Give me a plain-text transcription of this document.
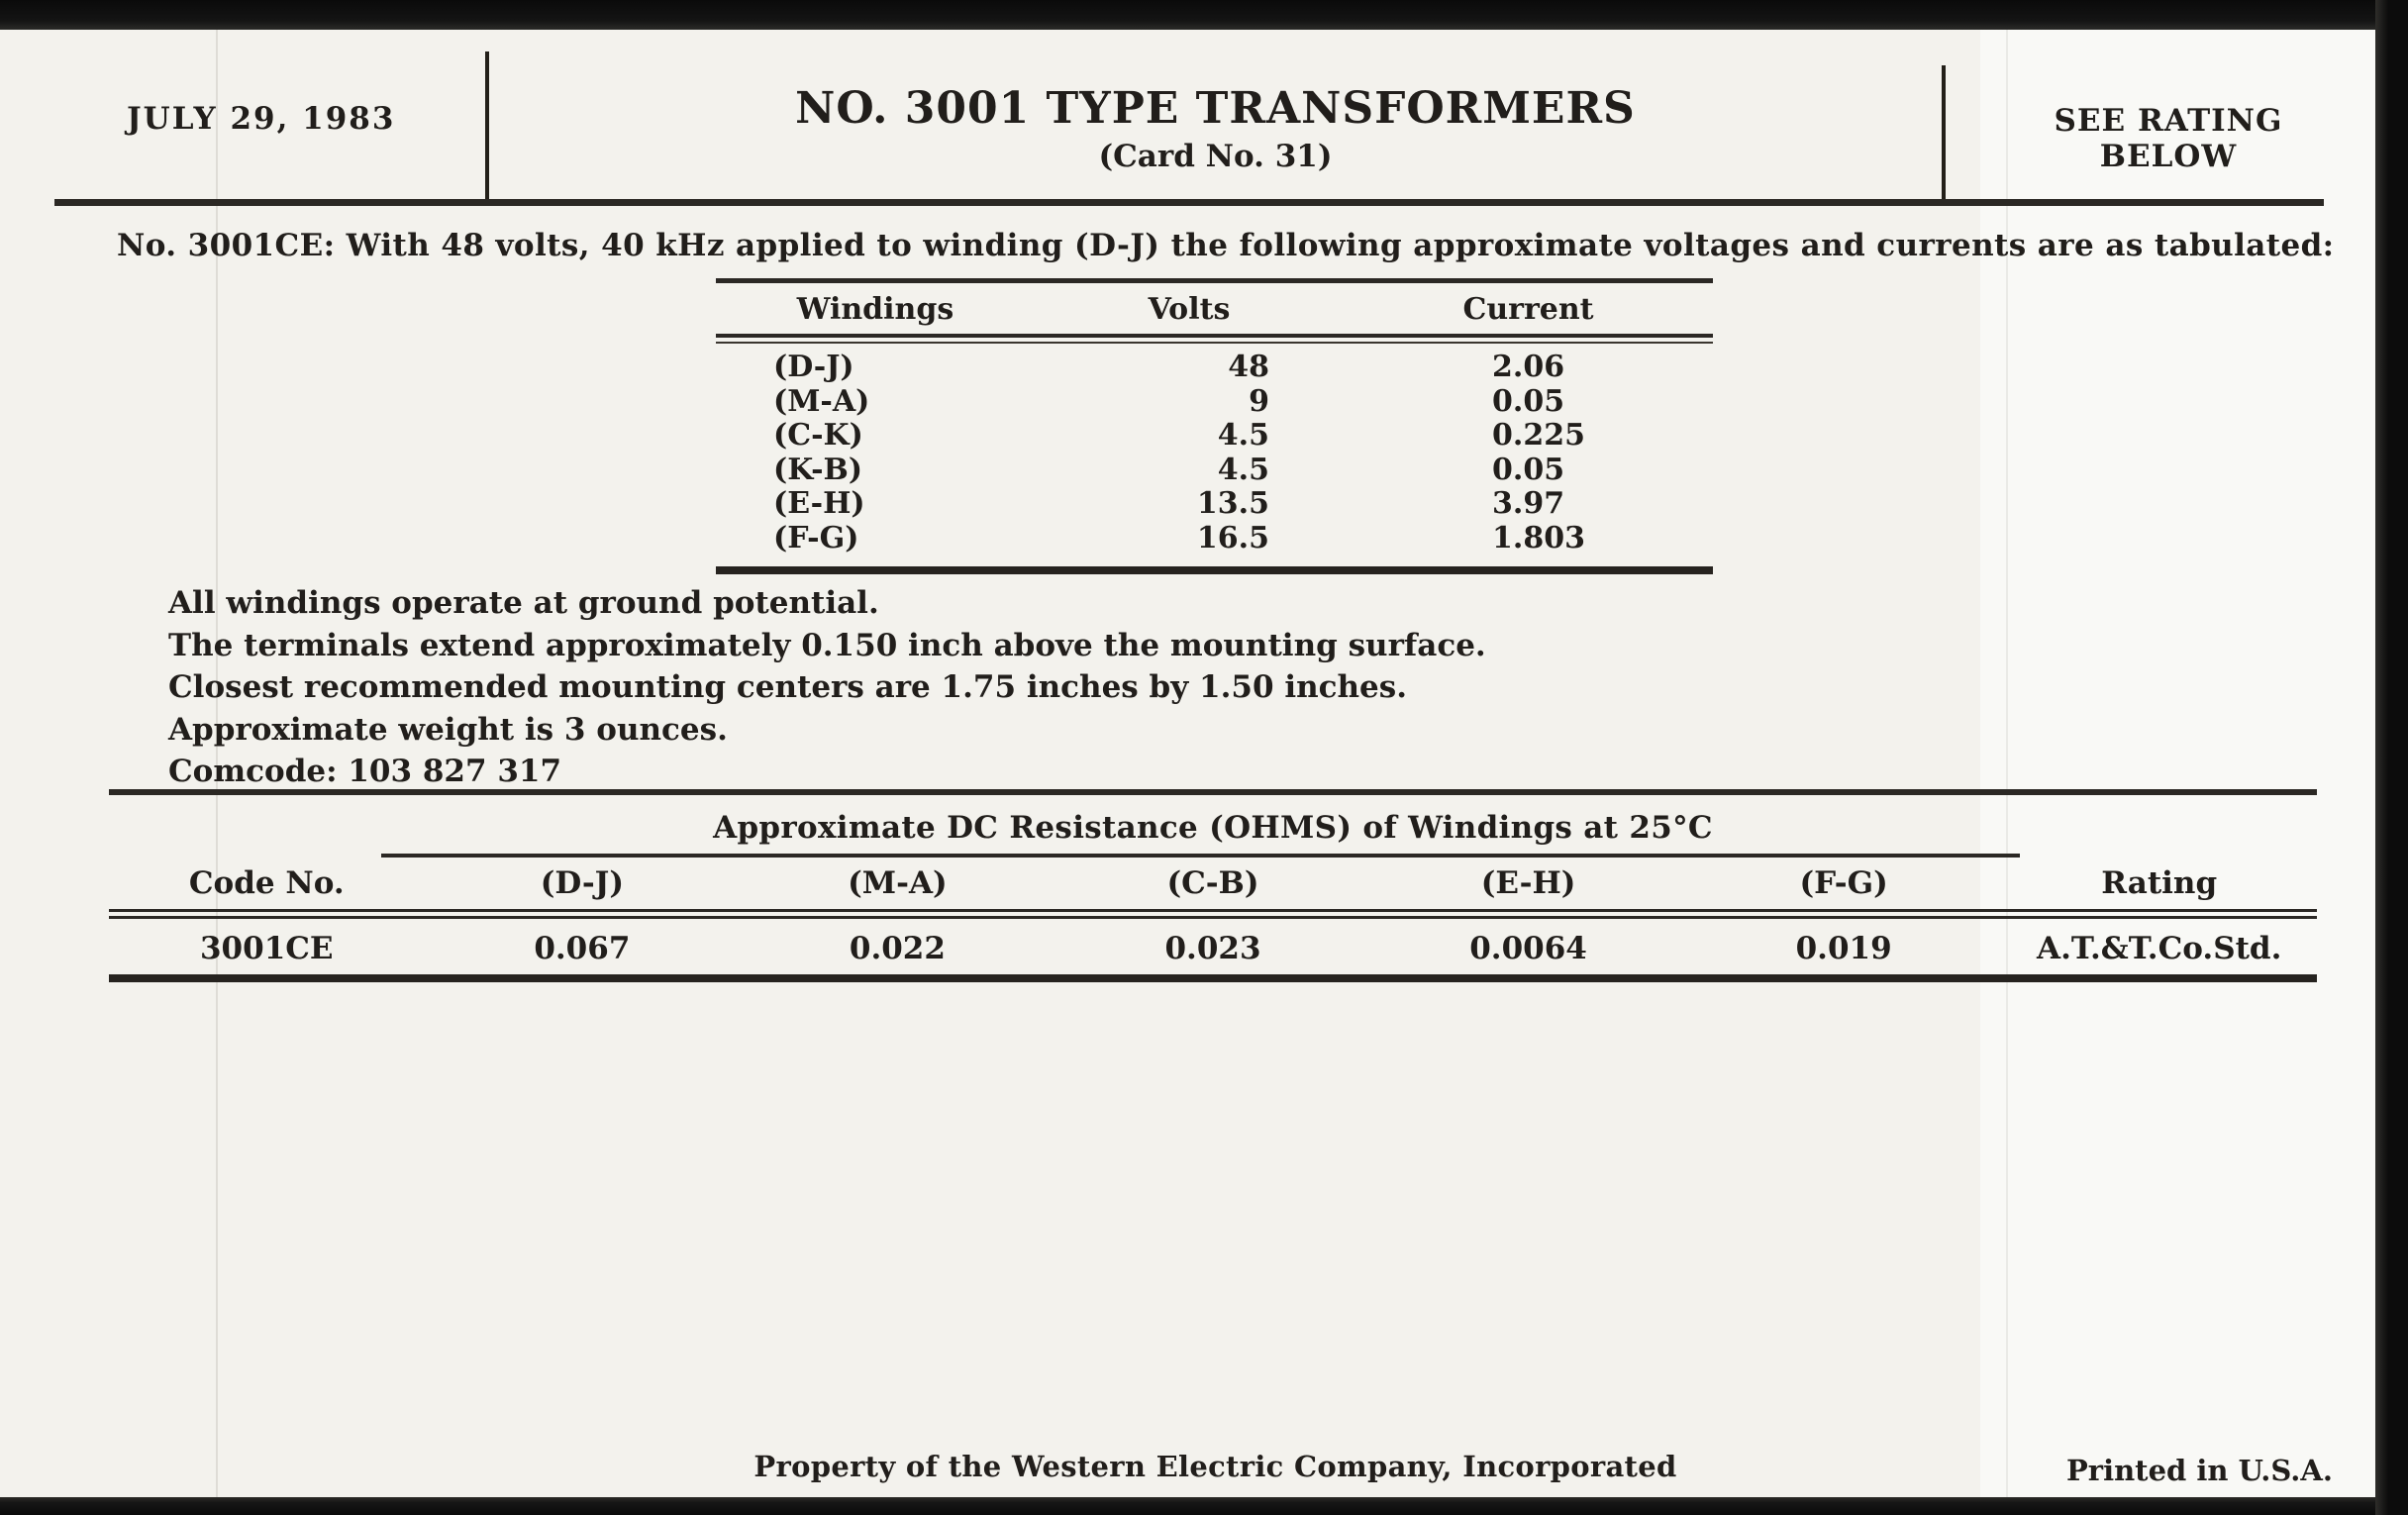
JULY 29, 1983	NO. 3001 TYPE TRANSFORMERS
(Card No. 31)
SEE RATING
BELOW
No. 3001CE: With 48 volts, 40 kHz applied to winding (D-J) the following approximate voltages and currents are as tabulated:
Windings	Volts	Current
(D-J)	48	2.06
(M-A)	9	0.05
(C-K)	4.5	0.225
(K-B)	4.5	0.05
(E-H)	13.5	3.97
(F-G)	16.5	1.803
All windings operate at ground potential.
The terminals extend approximately 0.150 inch above the mounting surface.
Closest recommended mounting centers are 1.75 inches by 1.50 inches.
Approximate weight is 3 ounces.
Comcode: 103 827 317
Approximate DC Resistance (OHMS) of Windings at 25°C
Code No.	(D-J)	(M-A)	(C-B)	(E-H)	(F-G)	Rating
3001CE	0.067	0.022	0.023	0.0064	0.019	A.T.&T.Co.Std.
Property of the Western Electric Company, Incorporated	Printed in U.S.A.
